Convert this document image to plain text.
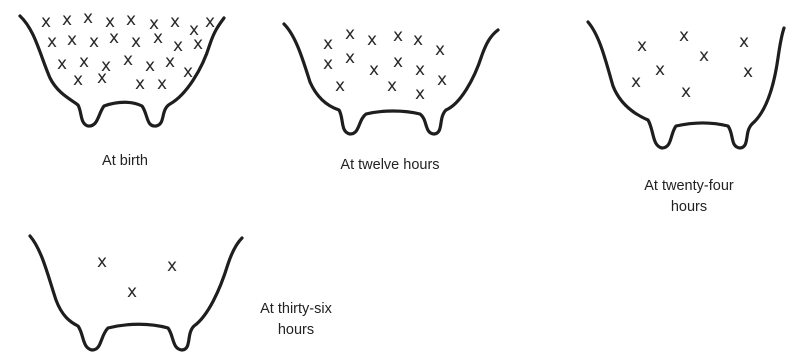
x x x x x x x x x
x x x x x x x x
x x x x x x x
x x x x
x x x x x x
x x
x x x x
x x x
x x	x
x
x
x	x
x
x	x
x

At birth	At twelve hours

At twenty-four
hours

At thirty-six
hours
